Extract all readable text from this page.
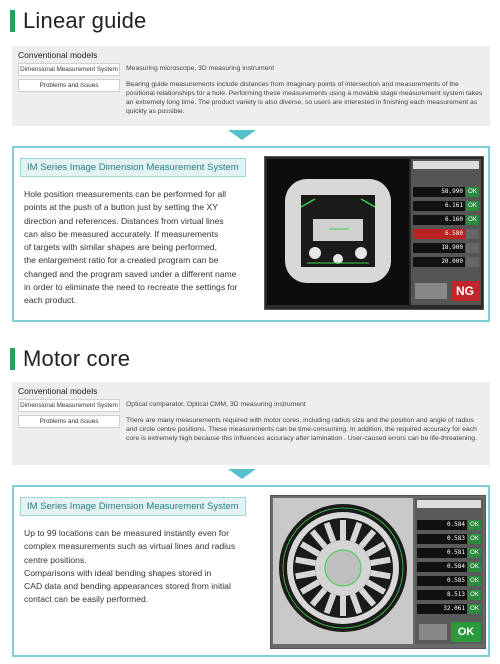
Linear guide
Conventional models
Dimensional Measurement System	Measuring microscope, 3D measuring instrument
Problems and Issues	Bearing guide measurements include distances from imaginary points of intersection and measurements of the positional relationships for a hole. Performing these measurements using a movable stage measurement system takes an extremely long time. The product variety is also diverse, so users are interested in finishing each measurement as quickly as possible.
IM Series Image Dimension Measurement System
Hole position measurements can be performed for all
points at the push of a button just by setting the XY
direction and references. Distances from virtual lines
can also be measured accurately. If measurements
of targets with similar shapes are being performed,
the enlargement ratio for a created program can be
changed and the program saved under a different name
in order to eliminate the need to recreate the settings for
each product.
58.990 OK
6.161 OK
6.160 OK
6.580
18.900
20.000
NG
Motor core
Conventional models
Dimensional Measurement System	Optical comparator, Optical CMM, 3D measuring instrument
Problems and Issues	There are many measurements required with motor cores, including radius size and the position and angle of radius and circle centre positions. These measurements can be time-consuming. In addition, the required accuracy for each core is extremely high because this influences accuracy after lamination . User-caused errors can be life-threatening.
IM Series Image Dimension Measurement System
Up to 99 locations can be measured instantly even for
complex measurements such as virtual lines and radius
centre positions.
Comparisons with ideal bending shapes stored in
CAD data and bending appearances stored from initial
contact can be easily performed.
0.584 OK
0.583 OK
0.581 OK
0.584 OK
0.585 OK
8.513 OK
32.061 OK
OK
